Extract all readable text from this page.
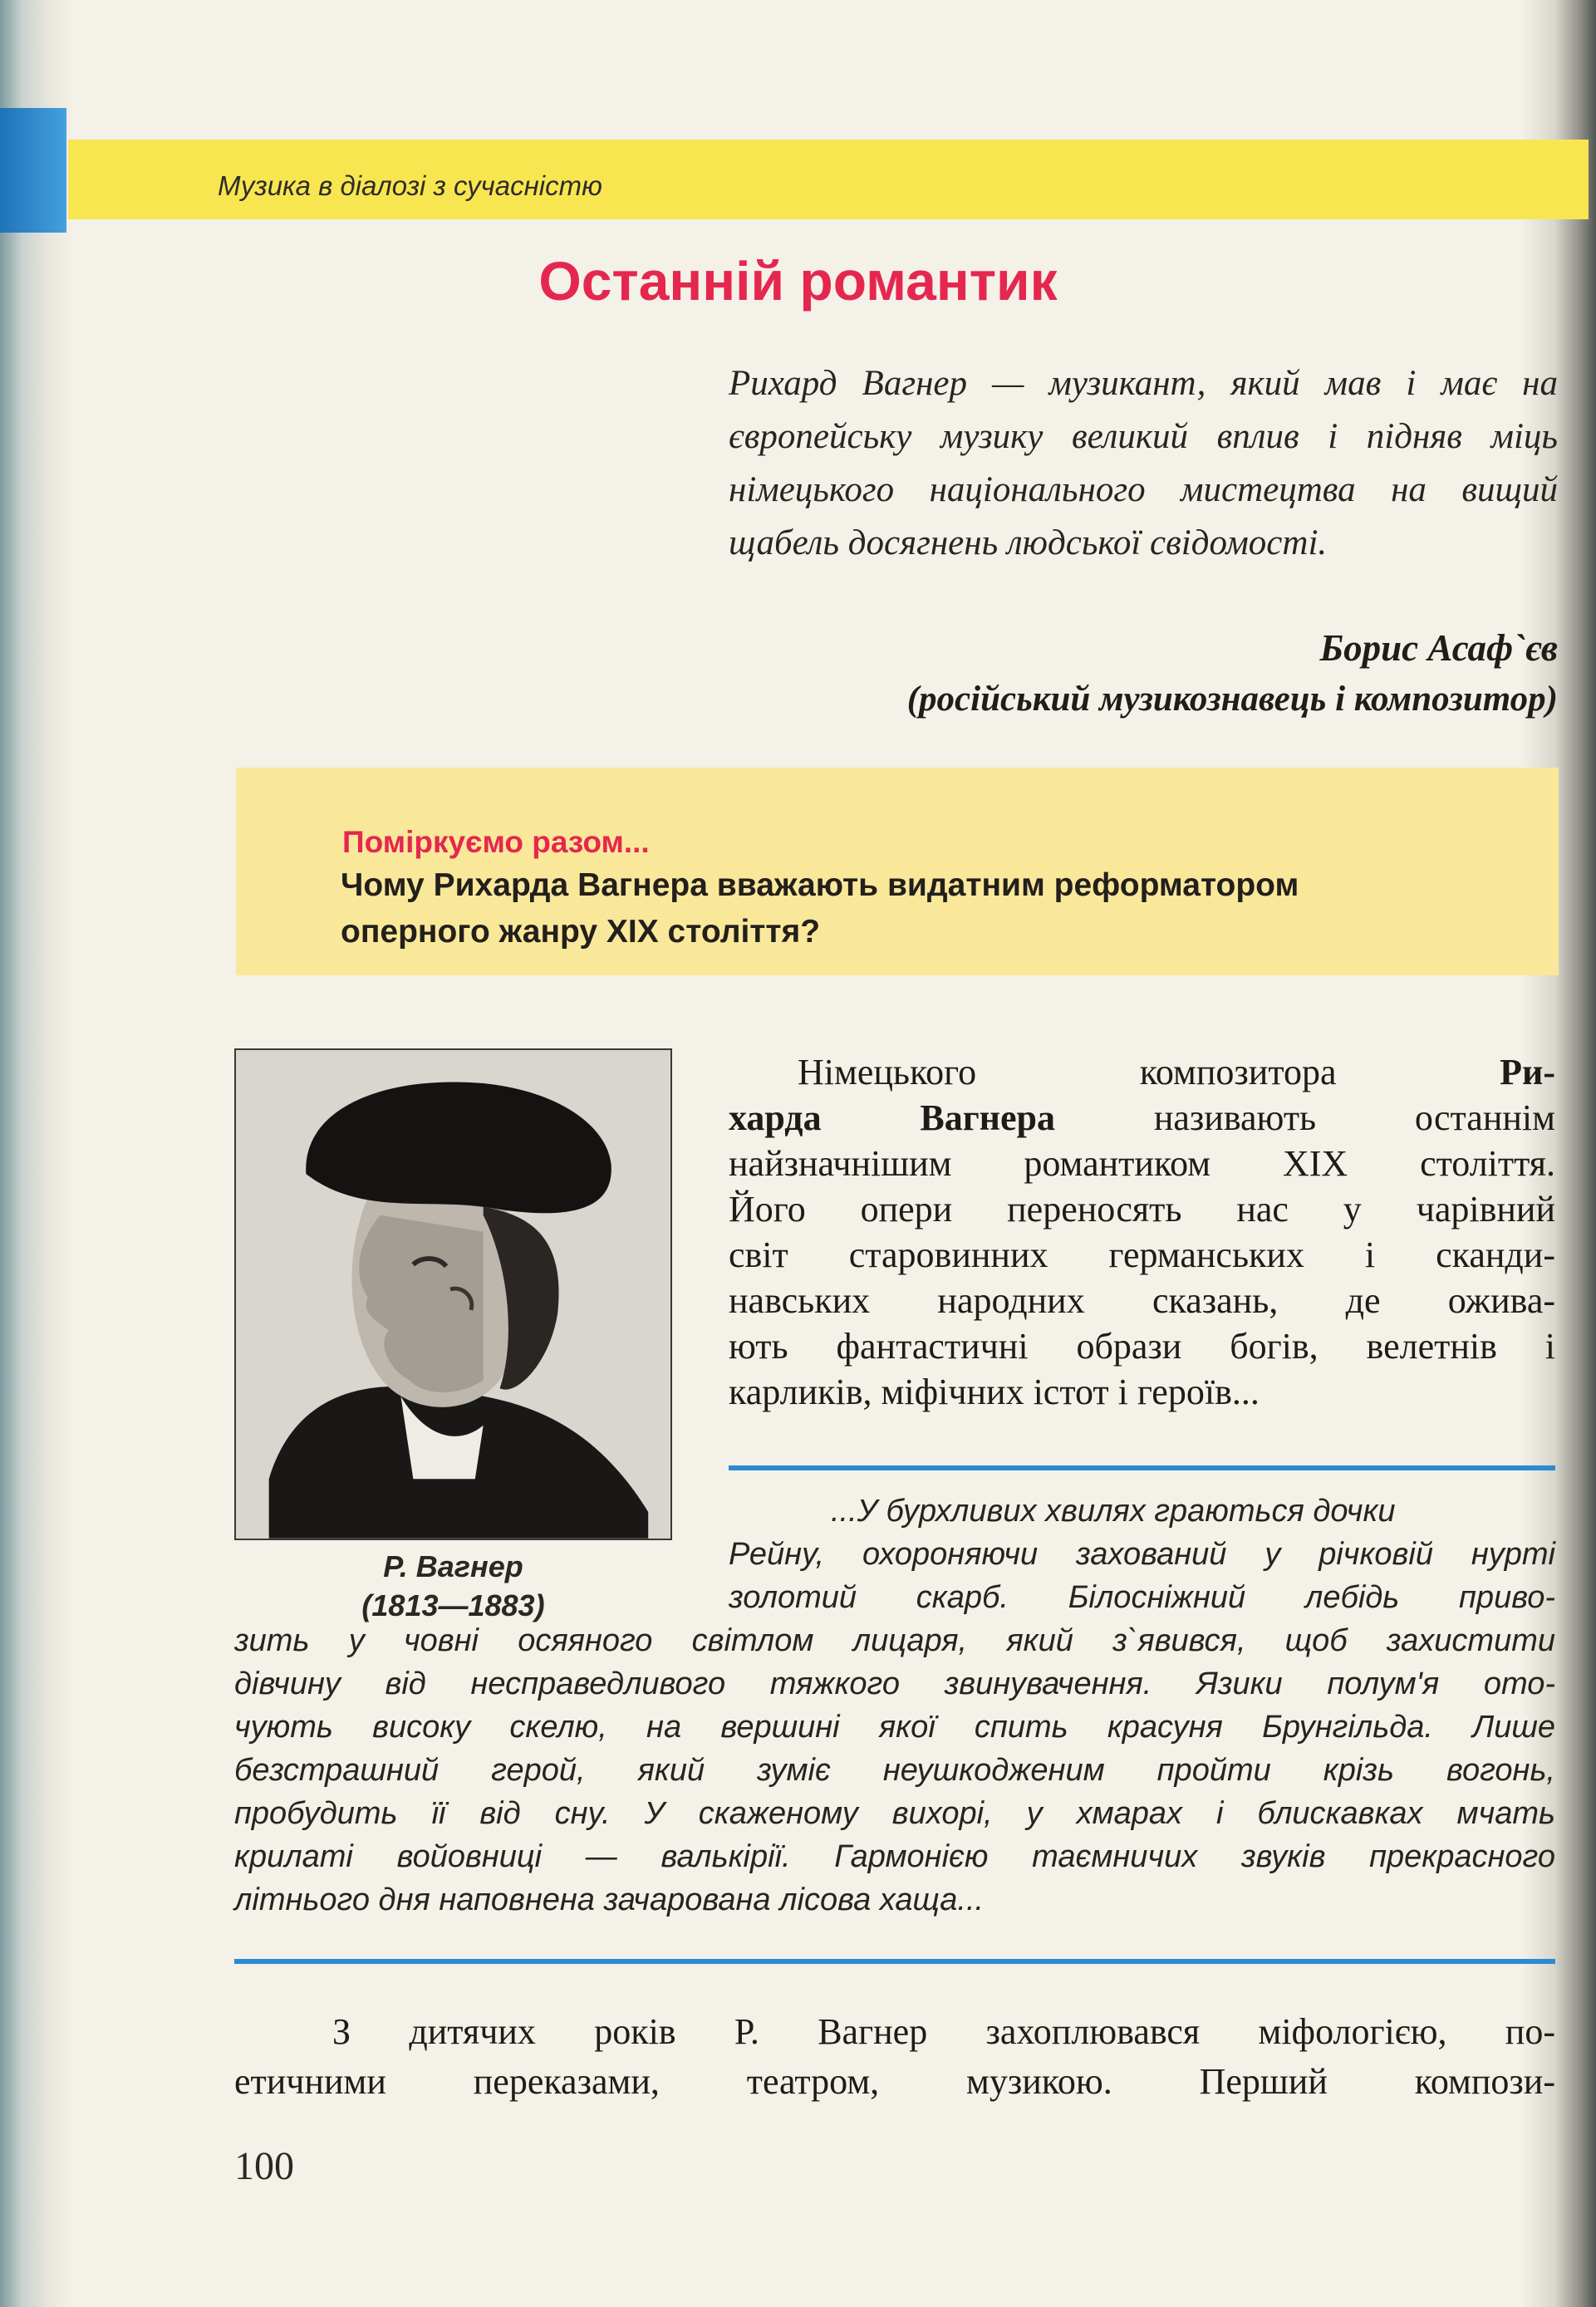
Музика в діалозі з сучасністю
Останній романтик
Рихард Вагнер — музикант, який мав і має на європейську музику великий вплив і підняв міць німецького національного мистецтва на вищий щабель досягнень людської свідомості.
Борис Асаф`єв
(російський музикознавець і композитор)
Поміркуємо разом...
Чому Рихарда Вагнера вважають видатним реформатором
оперного жанру XIX століття?
Р. Вагнер
(1813—1883)
Німецького композитора Ри-
харда Вагнера називають останнім
найзначнішим романтиком XIX століття.
Його опери переносять нас у чарівний
світ старовинних германських і сканди-
навських народних сказань, де ожива-
ють фантастичні образи богів, велетнів і
карликів, міфічних істот і героїв...
...У бурхливих хвилях граються дочки
Рейну, охороняючи захований у річковій нурті
золотий скарб. Білосніжний лебідь приво-
зить у човні осяяного світлом лицаря, який з`явився, щоб захистити
дівчину від несправедливого тяжкого звинувачення. Язики полум'я ото-
чують високу скелю, на вершині якої спить красуня Брунгільда. Лише
безстрашний герой, який зуміє неушкодженим пройти крізь вогонь,
пробудить її від сну. У скаженому вихорі, у хмарах і блискавках мчать
крилаті войовниці — валькірії. Гармонією таємничих звуків прекрасного
літнього дня наповнена зачарована лісова хаща...
З дитячих років Р. Вагнер захоплювався міфологією, по-
етичними переказами, театром, музикою. Перший компози-
100
